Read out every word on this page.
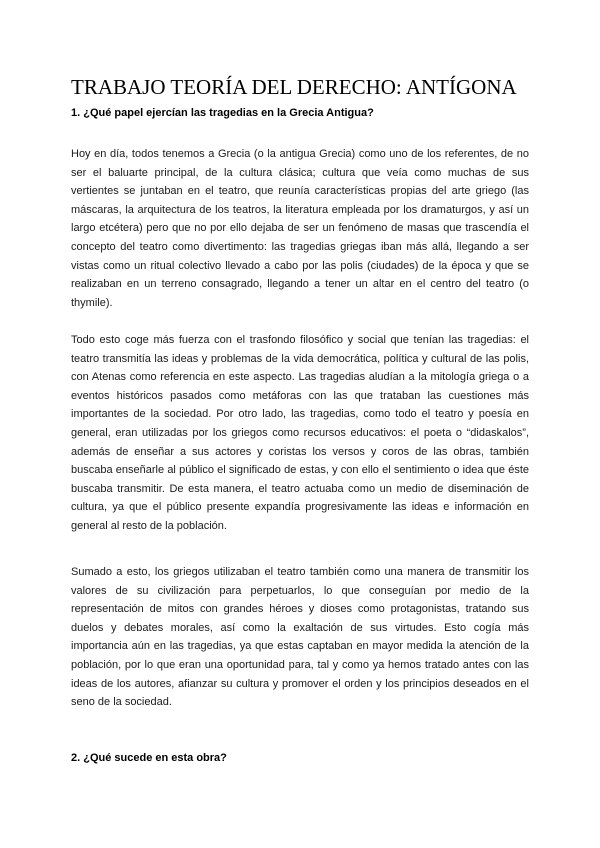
TRABAJO TEORÍA DEL DERECHO: ANTÍGONA
1. ¿Qué papel ejercían las tragedias en la Grecia Antigua?

Hoy en día, todos tenemos a Grecia (o la antigua Grecia) como uno de los referentes, de no ser el baluarte principal, de la cultura clásica; cultura que veía como muchas de sus vertientes se juntaban en el teatro, que reunía características propias del arte griego (las máscaras, la arquitectura de los teatros, la literatura empleada por los dramaturgos, y así un largo etcétera) pero que no por ello dejaba de ser un fenómeno de masas que trascendía el concepto del teatro como divertimento: las tragedias griegas iban más allá, llegando a ser vistas como un ritual colectivo llevado a cabo por las polis (ciudades) de la época y que se realizaban en un terreno consagrado, llegando a tener un altar en el centro del teatro (o thymile).

Todo esto coge más fuerza con el trasfondo filosófico y social que tenían las tragedias: el teatro transmitía las ideas y problemas de la vida democrática, política y cultural de las polis, con Atenas como referencia en este aspecto. Las tragedias aludían a la mitología griega o a eventos históricos pasados como metáforas con las que trataban las cuestiones más importantes de la sociedad. Por otro lado, las tragedias, como todo el teatro y poesía en general, eran utilizadas por los griegos como recursos educativos: el poeta o “didaskalos”, además de enseñar a sus actores y coristas los versos y coros de las obras, también buscaba enseñarle al público el significado de estas, y con ello el sentimiento o idea que éste buscaba transmitir. De esta manera, el teatro actuaba como un medio de diseminación de cultura, ya que el público presente expandía progresivamente las ideas e información en general al resto de la población.

Sumado a esto, los griegos utilizaban el teatro también como una manera de transmitir los valores de su civilización para perpetuarlos, lo que conseguían por medio de la representación de mitos con grandes héroes y dioses como protagonistas, tratando sus duelos y debates morales, así como la exaltación de sus virtudes. Esto cogía más importancia aún en las tragedias, ya que estas captaban en mayor medida la atención de la población, por lo que eran una oportunidad para, tal y como ya hemos tratado antes con las ideas de los autores, afianzar su cultura y promover el orden y los principios deseados en el seno de la sociedad.

2. ¿Qué sucede en esta obra?
